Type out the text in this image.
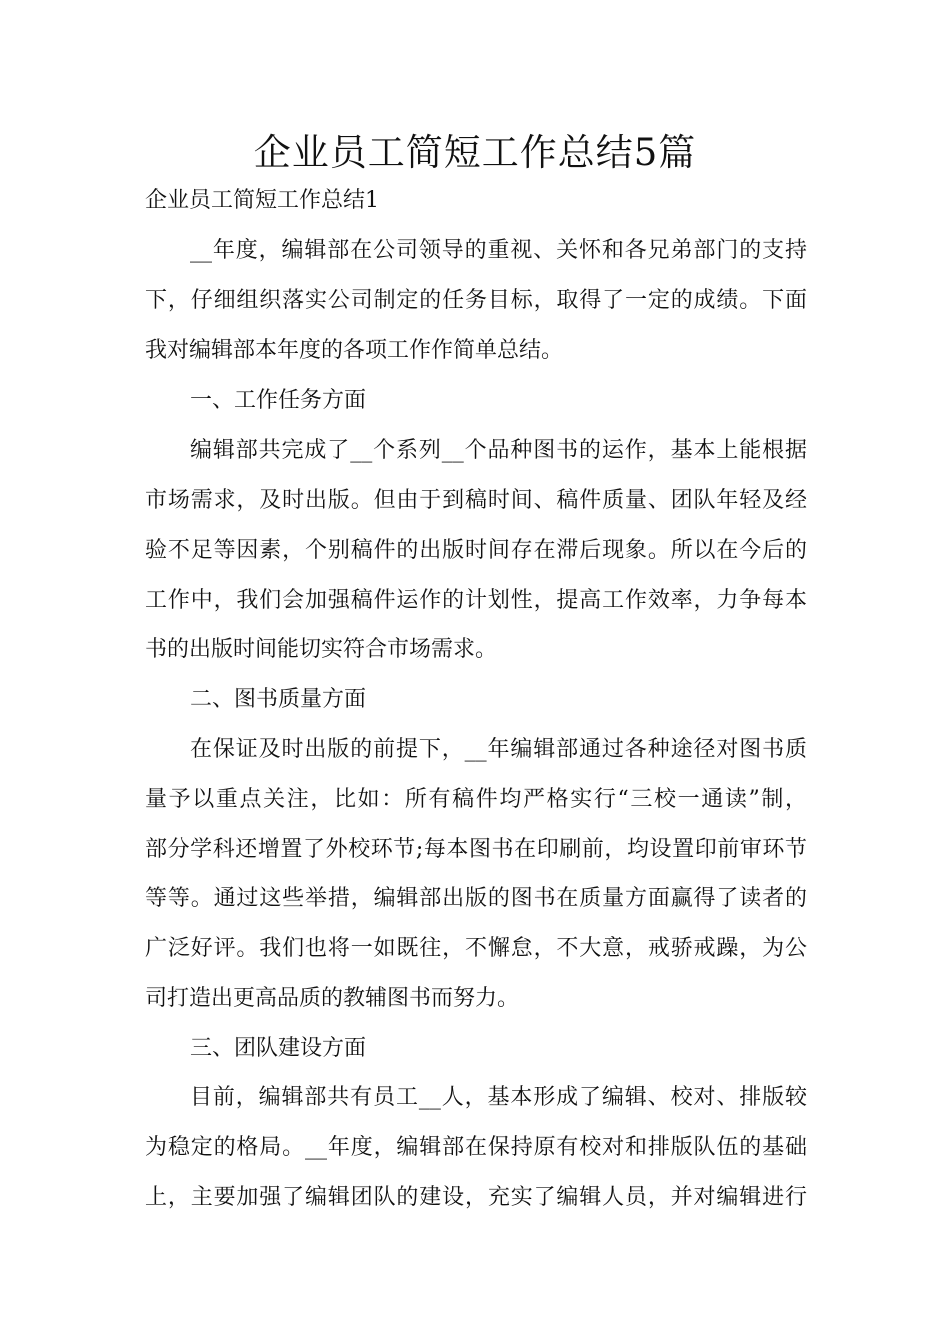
企业员工简短工作总结5篇

企业员工简短工作总结1

__年度，编辑部在公司领导的重视、关怀和各兄弟部门的支持

下，仔细组织落实公司制定的任务目标，取得了一定的成绩。下面

我对编辑部本年度的各项工作作简单总结。

一、工作任务方面

编辑部共完成了__个系列__个品种图书的运作，基本上能根据

市场需求，及时出版。但由于到稿时间、稿件质量、团队年轻及经

验不足等因素，个别稿件的出版时间存在滞后现象。所以在今后的

工作中，我们会加强稿件运作的计划性，提高工作效率，力争每本

书的出版时间能切实符合市场需求。

二、图书质量方面

在保证及时出版的前提下，__年编辑部通过各种途径对图书质

量予以重点关注，比如：所有稿件均严格实行“三校一通读”制，

部分学科还增置了外校环节;每本图书在印刷前，均设置印前审环节

等等。通过这些举措，编辑部出版的图书在质量方面赢得了读者的

广泛好评。我们也将一如既往，不懈怠，不大意，戒骄戒躁，为公

司打造出更高品质的教辅图书而努力。

三、团队建设方面

目前，编辑部共有员工__人，基本形成了编辑、校对、排版较

为稳定的格局。__年度，编辑部在保持原有校对和排版队伍的基础

上，主要加强了编辑团队的建设，充实了编辑人员，并对编辑进行
